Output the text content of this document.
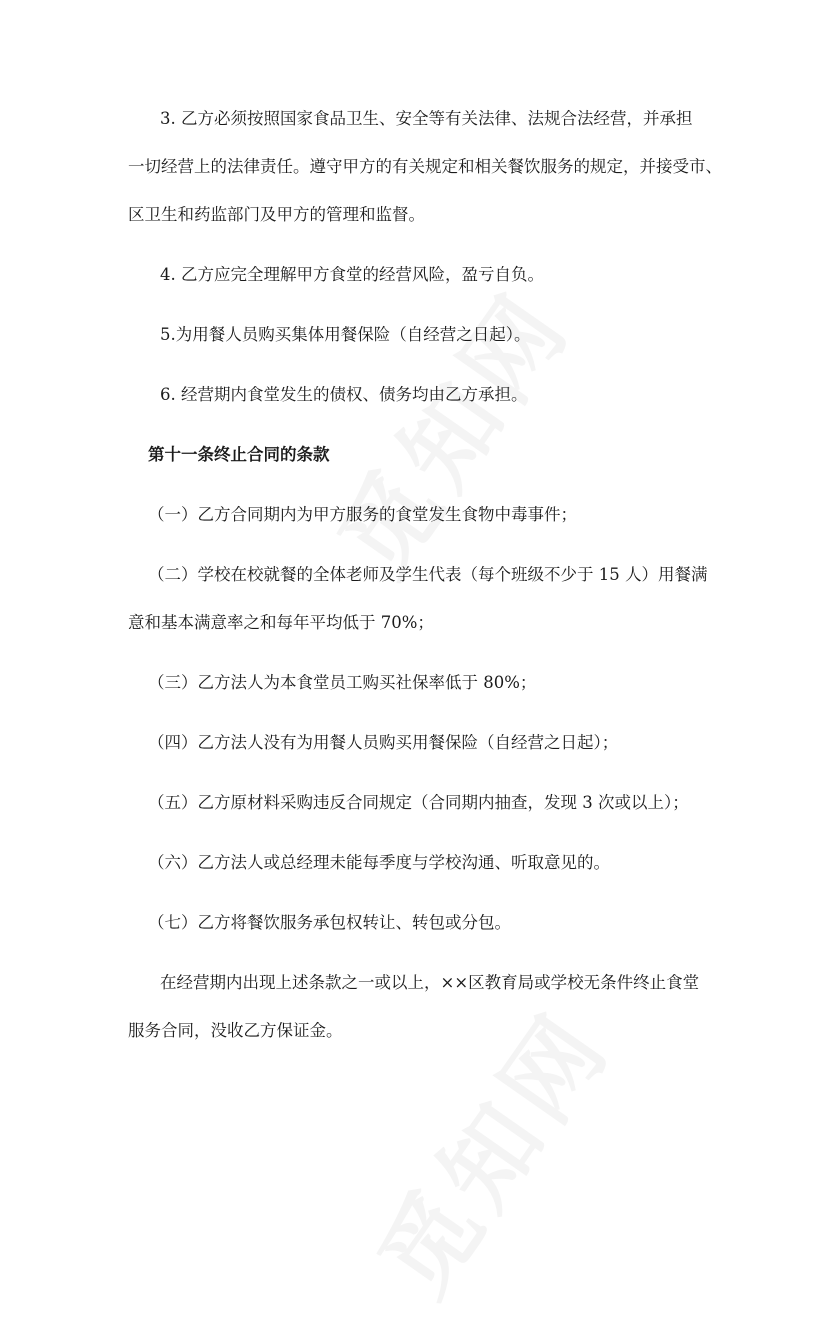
3. 乙方必须按照国家食品卫生、安全等有关法律、法规合法经营，并承担
一切经营上的法律责任。遵守甲方的有关规定和相关餐饮服务的规定，并接受市、
区卫生和药监部门及甲方的管理和监督。
4. 乙方应完全理解甲方食堂的经营风险，盈亏自负。
5.为用餐人员购买集体用餐保险（自经营之日起）。
6. 经营期内食堂发生的债权、债务均由乙方承担。
第十一条终止合同的条款
（一）乙方合同期内为甲方服务的食堂发生食物中毒事件；
（二）学校在校就餐的全体老师及学生代表（每个班级不少于 15 人）用餐满
意和基本满意率之和每年平均低于 70%；
（三）乙方法人为本食堂员工购买社保率低于 80%；
（四）乙方法人没有为用餐人员购买用餐保险（自经营之日起）；
（五）乙方原材料采购违反合同规定（合同期内抽查，发现 3 次或以上）；
（六）乙方法人或总经理未能每季度与学校沟通、听取意见的。
（七）乙方将餐饮服务承包权转让、转包或分包。
在经营期内出现上述条款之一或以上，××区教育局或学校无条件终止食堂
服务合同，没收乙方保证金。
